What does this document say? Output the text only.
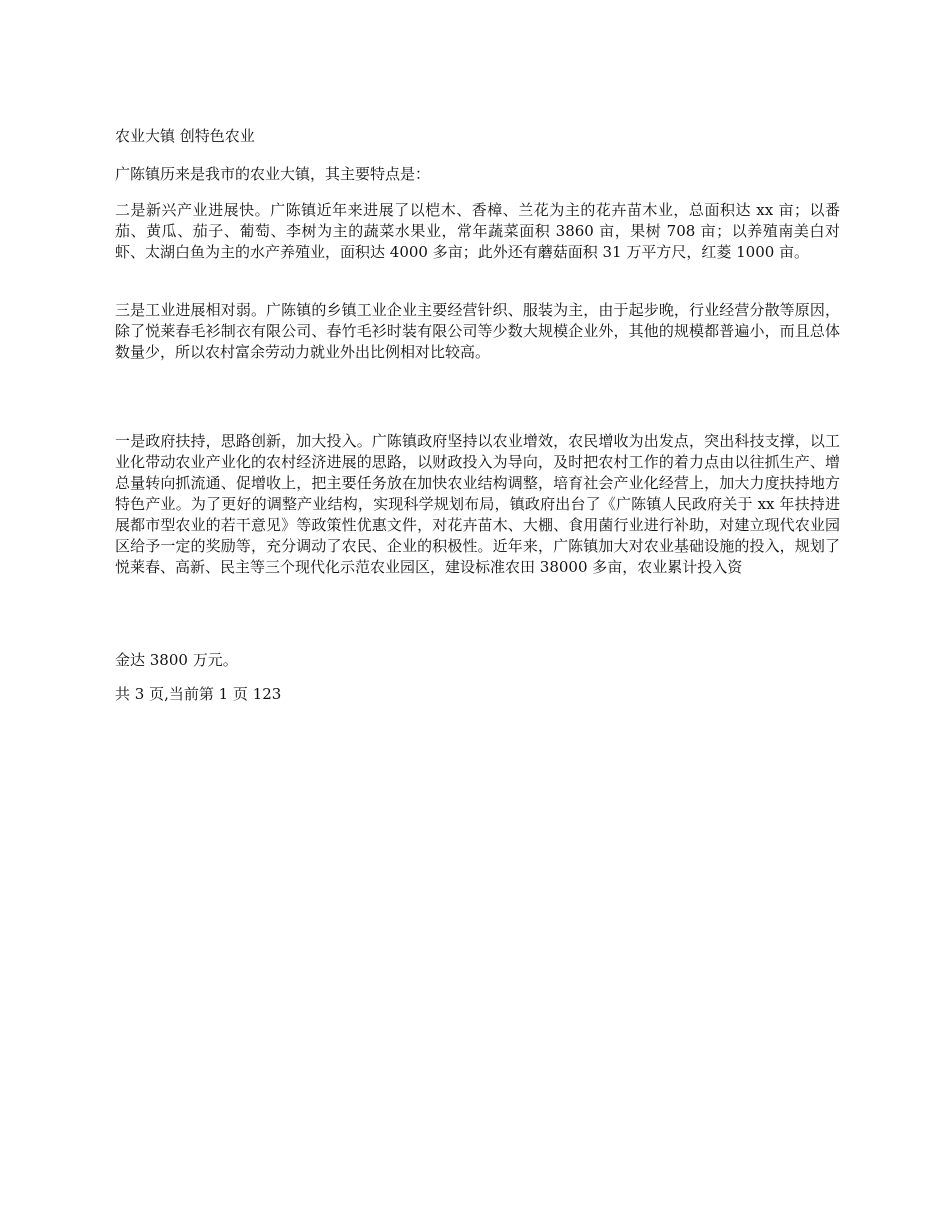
农业大镇 创特色农业

广陈镇历来是我市的农业大镇，其主要特点是：

二是新兴产业进展快。广陈镇近年来进展了以桤木、香樟、兰花为主的花卉苗木业，总面积达 xx 亩；以番茄、黄瓜、茄子、葡萄、李树为主的蔬菜水果业，常年蔬菜面积 3860 亩，果树 708 亩；以养殖南美白对虾、太湖白鱼为主的水产养殖业，面积达 4000 多亩；此外还有蘑菇面积 31 万平方尺，红菱 1000 亩。

三是工业进展相对弱。广陈镇的乡镇工业企业主要经营针织、服装为主，由于起步晚，行业经营分散等原因，除了悦莱春毛衫制衣有限公司、春竹毛衫时装有限公司等少数大规模企业外，其他的规模都普遍小，而且总体数量少，所以农村富余劳动力就业外出比例相对比较高。

一是政府扶持，思路创新，加大投入。广陈镇政府坚持以农业增效，农民增收为出发点，突出科技支撑，以工业化带动农业产业化的农村经济进展的思路，以财政投入为导向，及时把农村工作的着力点由以往抓生产、增总量转向抓流通、促增收上，把主要任务放在加快农业结构调整，培育社会产业化经营上，加大力度扶持地方特色产业。为了更好的调整产业结构，实现科学规划布局，镇政府出台了《广陈镇人民政府关于 xx 年扶持进展都市型农业的若干意见》等政策性优惠文件，对花卉苗木、大棚、食用菌行业进行补助，对建立现代农业园区给予一定的奖励等，充分调动了农民、企业的积极性。近年来，广陈镇加大对农业基础设施的投入，规划了悦莱春、高新、民主等三个现代化示范农业园区，建设标准农田 38000 多亩，农业累计投入资

金达 3800 万元。

共 3 页,当前第 1 页 123
